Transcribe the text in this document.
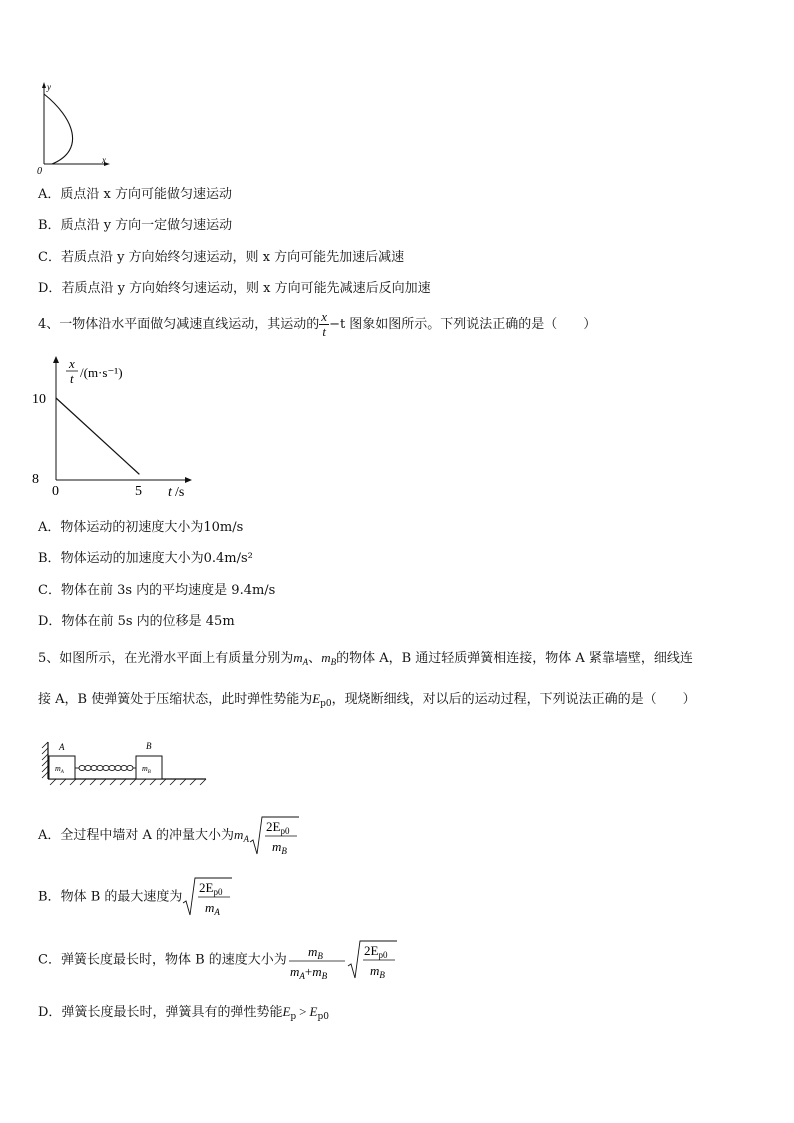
y
x
0
A．质点沿 x 方向可能做匀速运动
B．质点沿 y 方向一定做匀速运动
C．若质点沿 y 方向始终匀速运动，则 x 方向可能先加速后减速
D．若质点沿 y 方向始终匀速运动，则 x 方向可能先减速后反向加速
4、一物体沿水平面做匀减速直线运动，其运动的 $\frac{x}{t} -t$ 图象如图所示。下列说法正确的是（　　）
x
t /(m·s⁻¹)
8
10
0	5 t /s
A．物体运动的初速度大小为10m/s
B．物体运动的加速度大小为0.4m/s²
C．物体在前 3s 内的平均速度是 9.4m/s
D．物体在前 5s 内的位移是 45m
5、如图所示，在光滑水平面上有质量分别为$m_A$、$m_B$的物体 A，B 通过轻质弹簧相连接，物体 A 紧靠墙壁，细线连
接 A，B 使弹簧处于压缩状态，此时弹性势能为$E_{p0}$，现烧断细线，对以后的运动过程，下列说法正确的是（　　）
A	B
$m_A$	$m_B$
A．全过程中墙对 A 的冲量大小为$m_A$
$2E_{p0}$
$m_B$
B．物体 B 的最大速度为
$2E_{p0}$
$m_A$
C．弹簧长度最长时，物体 B 的速度大小为
$m_B$
$m_A+m_B$
$2E_{p0}$
$m_B$
D．弹簧长度最长时，弹簧具有的弹性势能$E_p > E_{p0}$
